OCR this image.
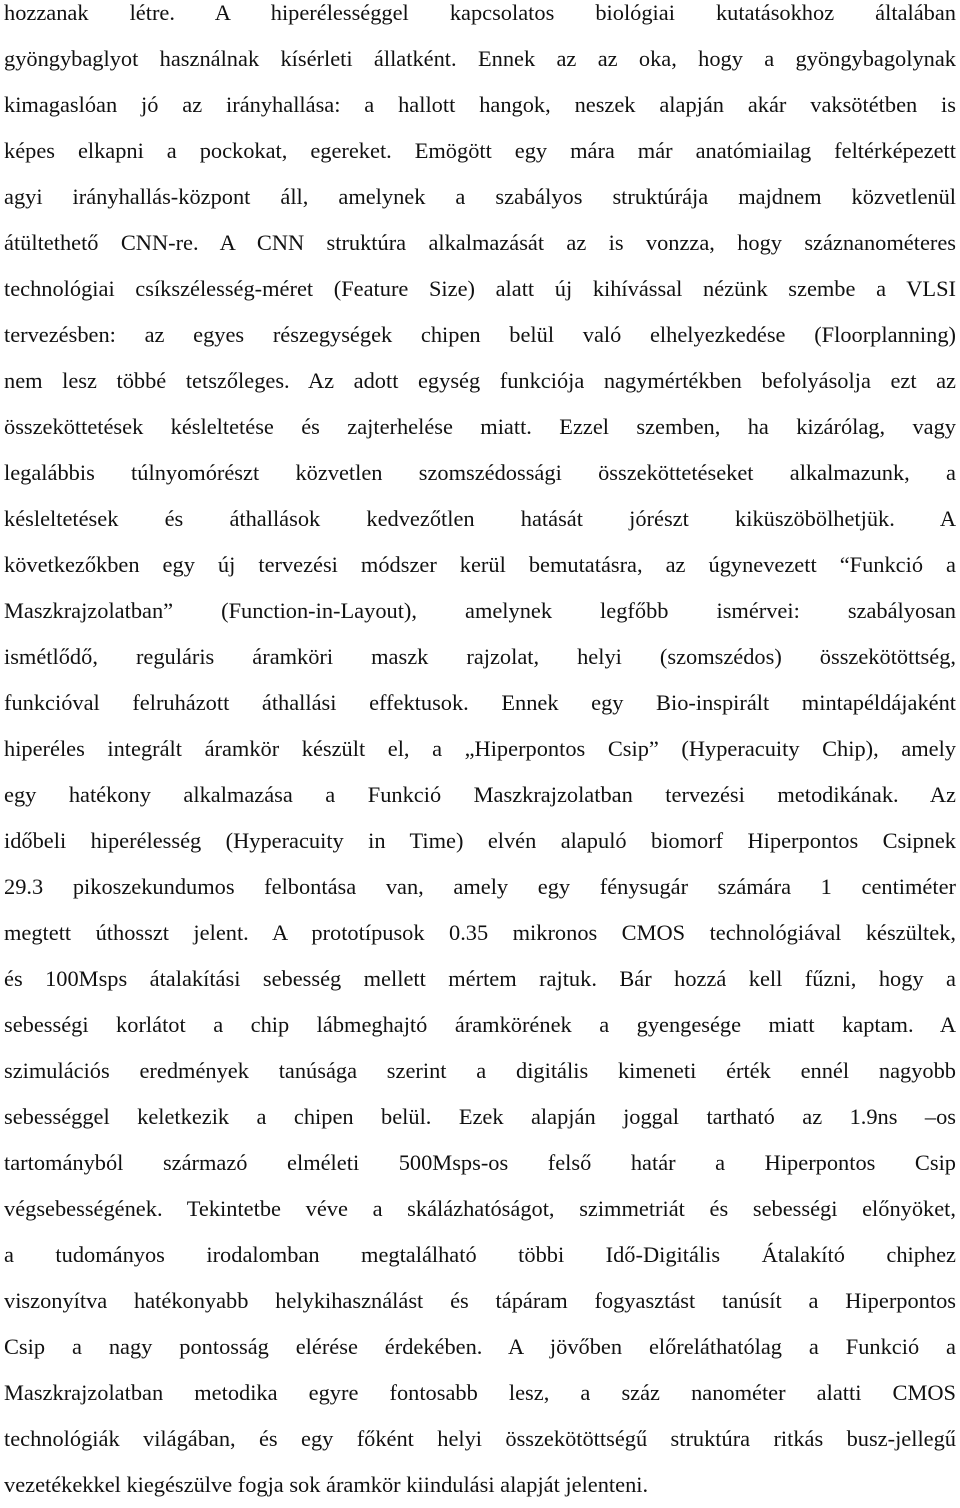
hozzanak létre. A hiperélességgel kapcsolatos biológiai kutatásokhoz általában
gyöngybaglyot használnak kísérleti állatként. Ennek az az oka, hogy a gyöngybagolynak
kimagaslóan jó az irányhallása: a hallott hangok, neszek alapján akár vaksötétben is
képes elkapni a pockokat, egereket. Emögött egy mára már anatómiailag feltérképezett
agyi irányhallás-központ áll, amelynek a szabályos struktúrája majdnem közvetlenül
átültethető CNN-re. A CNN struktúra alkalmazását az is vonzza, hogy száznanométeres
technológiai csíkszélesség-méret (Feature Size) alatt új kihívással nézünk szembe a VLSI
tervezésben: az egyes részegységek chipen belül való elhelyezkedése (Floorplanning)
nem lesz többé tetszőleges. Az adott egység funkciója nagymértékben befolyásolja ezt az
összeköttetések késleltetése és zajterhelése miatt. Ezzel szemben, ha kizárólag, vagy
legalábbis túlnyomórészt közvetlen szomszédossági összeköttetéseket alkalmazunk, a
késleltetések és áthallások kedvezőtlen hatását jórészt kiküszöbölhetjük. A
következőkben egy új tervezési módszer kerül bemutatásra, az úgynevezett “Funkció a
Maszkrajzolatban” (Function-in-Layout), amelynek legfőbb ismérvei: szabályosan
ismétlődő, reguláris áramköri maszk rajzolat, helyi (szomszédos) összekötöttség,
funkcióval felruházott áthallási effektusok. Ennek egy Bio-inspirált mintapéldájaként
hiperéles integrált áramkör készült el, a „Hiperpontos Csip” (Hyperacuity Chip), amely
egy hatékony alkalmazása a Funkció Maszkrajzolatban tervezési metodikának. Az
időbeli hiperélesség (Hyperacuity in Time) elvén alapuló biomorf Hiperpontos Csipnek
29.3 pikoszekundumos felbontása van, amely egy fénysugár számára 1 centiméter
megtett úthosszt jelent. A prototípusok 0.35 mikronos CMOS technológiával készültek,
és 100Msps átalakítási sebesség mellett mértem rajtuk. Bár hozzá kell fűzni, hogy a
sebességi korlátot a chip lábmeghajtó áramkörének a gyengesége miatt kaptam. A
szimulációs eredmények tanúsága szerint a digitális kimeneti érték ennél nagyobb
sebességgel keletkezik a chipen belül. Ezek alapján joggal tartható az 1.9ns –os
tartományból származó elméleti 500Msps-os felső határ a Hiperpontos Csip
végsebességének. Tekintetbe véve a skálázhatóságot, szimmetriát és sebességi előnyöket,
a tudományos irodalomban megtalálható többi Idő-Digitális Átalakító chiphez
viszonyítva hatékonyabb helykihasználást és tápáram fogyasztást tanúsít a Hiperpontos
Csip a nagy pontosság elérése érdekében. A jövőben előreláthatólag a Funkció a
Maszkrajzolatban metodika egyre fontosabb lesz, a száz nanométer alatti CMOS
technológiák világában, és egy főként helyi összekötöttségű struktúra ritkás busz-jellegű
vezetékekkel kiegészülve fogja sok áramkör kiindulási alapját jelenteni.
